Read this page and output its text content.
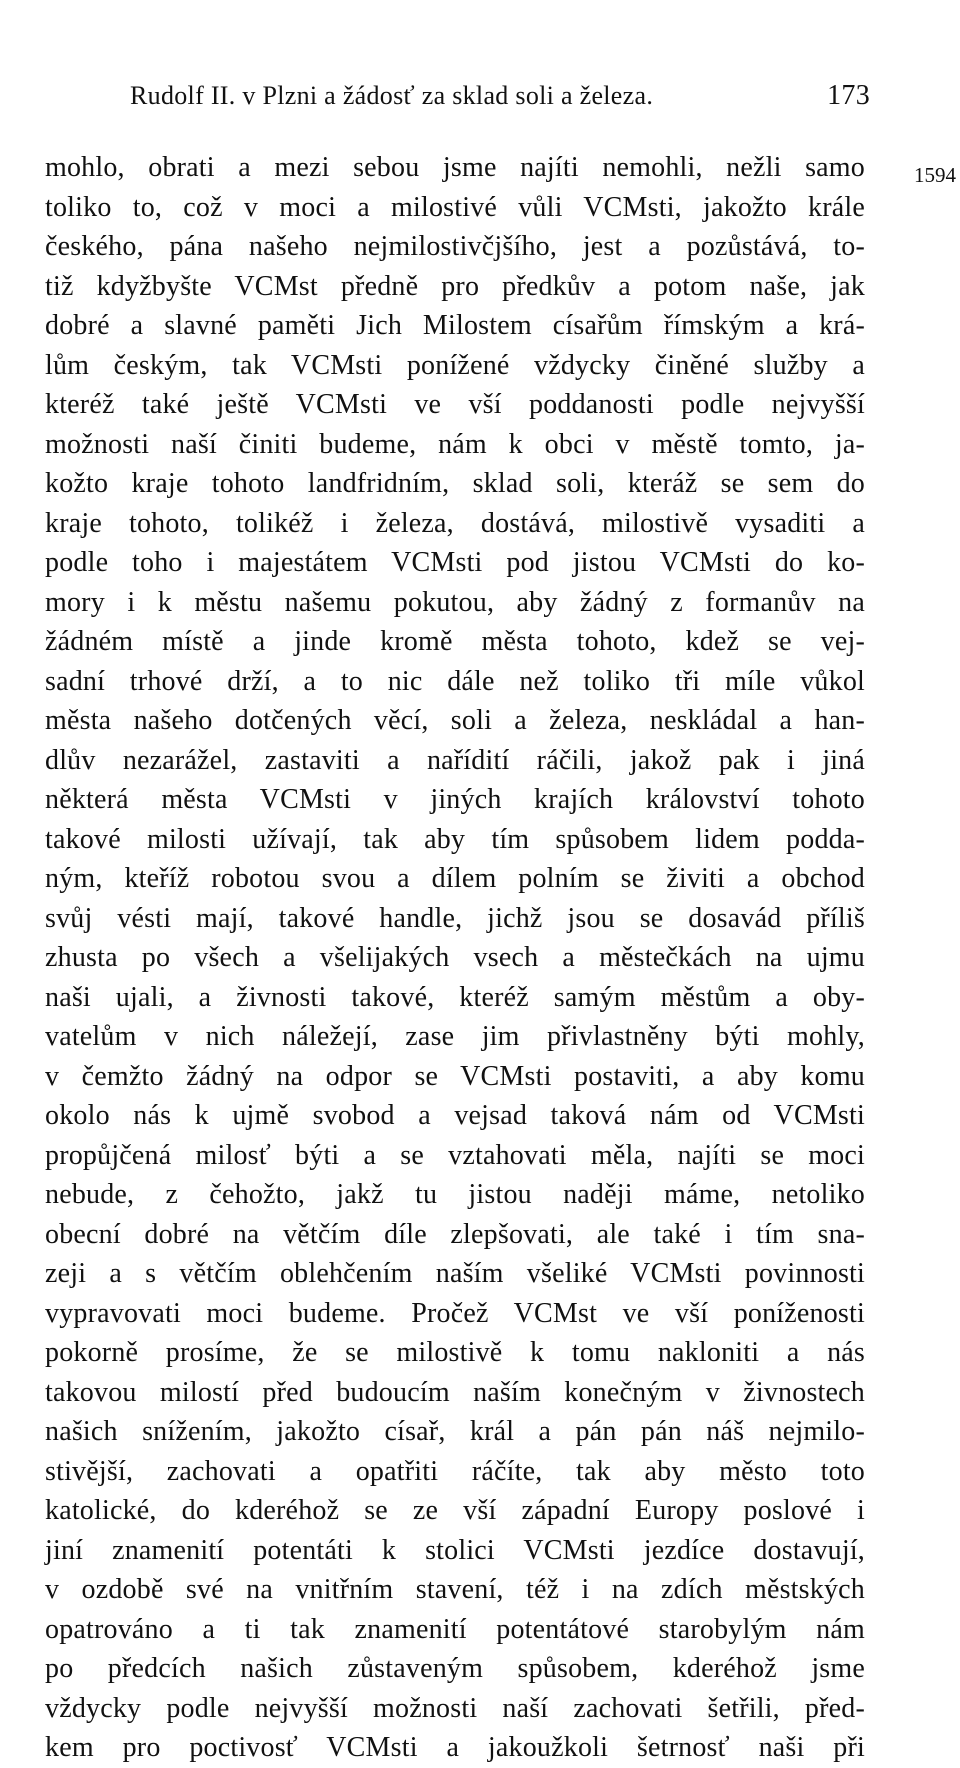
Rudolf II. v Plzni a žádosť za sklad soli a železa.	173
1594
mohlo, obrati a mezi sebou jsme najíti nemohli, nežli samo
toliko to, což v moci a milostivé vůli VCMsti, jakožto krále
českého, pána našeho nejmilostivčjšího, jest a pozůstává, to-
tiž kdyžbyšte VCMst předně pro předkův a potom naše, jak
dobré a slavné paměti Jich Milostem císařům římským a krá-
lům českým, tak VCMsti ponížené vždycky činěné služby a
kteréž také ještě VCMsti ve vší poddanosti podle nejvyšší
možnosti naší činiti budeme, nám k obci v městě tomto, ja-
kožto kraje tohoto landfridním, sklad soli, kteráž se sem do
kraje tohoto, tolikéž i železa, dostává, milostivě vysaditi a
podle toho i majestátem VCMsti pod jistou VCMsti do ko-
mory i k městu našemu pokutou, aby žádný z formanův na
žádném místě a jinde kromě města tohoto, kdež se vej-
sadní trhové drží, a to nic dále než toliko tři míle vůkol
města našeho dotčených věcí, soli a železa, neskládal a han-
dlův nezarážel, zastaviti a nařídití ráčili, jakož pak i jiná
některá města VCMsti v jiných krajích království tohoto
takové milosti užívají, tak aby tím spůsobem lidem podda-
ným, kteříž robotou svou a dílem polním se živiti a obchod
svůj vésti mají, takové handle, jichž jsou se dosavád příliš
zhusta po všech a všelijakých vsech a městečkách na ujmu
naši ujali, a živnosti takové, kteréž samým městům a oby-
vatelům v nich náležejí, zase jim přivlastněny býti mohly,
v čemžto žádný na odpor se VCMsti postaviti, a aby komu
okolo nás k ujmě svobod a vejsad taková nám od VCMsti
propůjčená milosť býti a se vztahovati měla, najíti se moci
nebude, z čehožto, jakž tu jistou naději máme, netoliko
obecní dobré na větčím díle zlepšovati, ale také i tím sna-
zeji a s větčím oblehčením naším všeliké VCMsti povinnosti
vypravovati moci budeme. Pročež VCMst ve vší poníženosti
pokorně prosíme, že se milostivě k tomu nakloniti a nás
takovou milostí před budoucím naším konečným v živnostech
našich snížením, jakožto císař, král a pán pán náš nejmilo-
stivější, zachovati a opatřiti ráčíte, tak aby město toto
katolické, do kderéhož se ze vší západní Europy poslové i
jiní znamenití potentáti k stolici VCMsti jezdíce dostavují,
v ozdobě své na vnitřním stavení, též i na zdích městských
opatrováno a ti tak znamenití potentátové starobylým nám
po předcích našich zůstaveným spůsobem, kderéhož jsme
vždycky podle nejvyšší možnosti naší zachovati šetřili, před-
kem pro poctivosť VCMsti a jakoužkoli šetrnosť naši při
